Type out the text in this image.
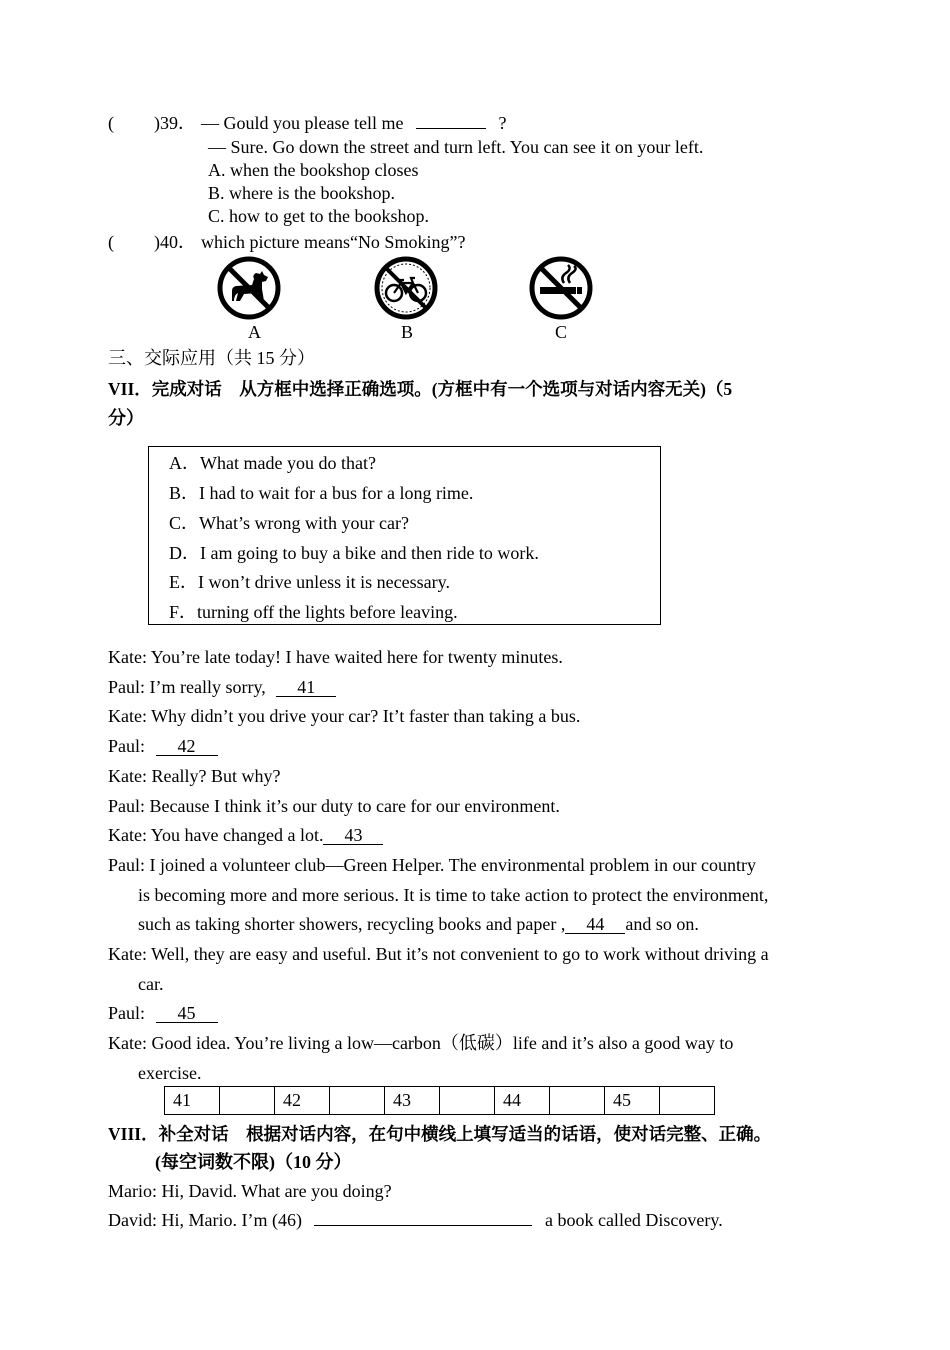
( )39． — Gould you please tell me	?
— Sure. Go down the street and turn left. You can see it on your left.
A. when the bookshop closes
B. where is the bookshop.
C. how to get to the bookshop.
( )40． which picture means“No Smoking”?
A	B	C
三、交际应用（共 15 分）
VII．完成对话　从方框中选择正确选项。(方框中有一个选项与对话内容无关)（5
分）
A．What made you do that?
B．I had to wait for a bus for a long rime.
C．What’s wrong with your car?
D．I am going to buy a bike and then ride to work.
E．I won’t drive unless it is necessary.
F．turning off the lights before leaving.
Kate: You’re late today! I have waited here for twenty minutes.
Paul: I’m really sorry, 41
Kate: Why didn’t you drive your car? It’t faster than taking a bus.
Paul: 42
Kate: Really? But why?
Paul: Because I think it’s our duty to care for our environment.
Kate: You have changed a lot. 43
Paul: I joined a volunteer club―Green Helper. The environmental problem in our country
is becoming more and more serious. It is time to take action to protect the environment,
such as taking shorter showers, recycling books and paper , 44 and so on.
Kate: Well, they are easy and useful. But it’s not convenient to go to work without driving a
car.
Paul: 45
Kate: Good idea. You’re living a low―carbon（低碳）life and it’s also a good way to
exercise.
41		42		43		44		45	
VIII．补全对话　根据对话内容，在句中横线上填写适当的话语，使对话完整、正确。
(每空词数不限)（10 分）
Mario: Hi, David. What are you doing?
David: Hi, Mario. I’m (46)	a book called Discovery.
